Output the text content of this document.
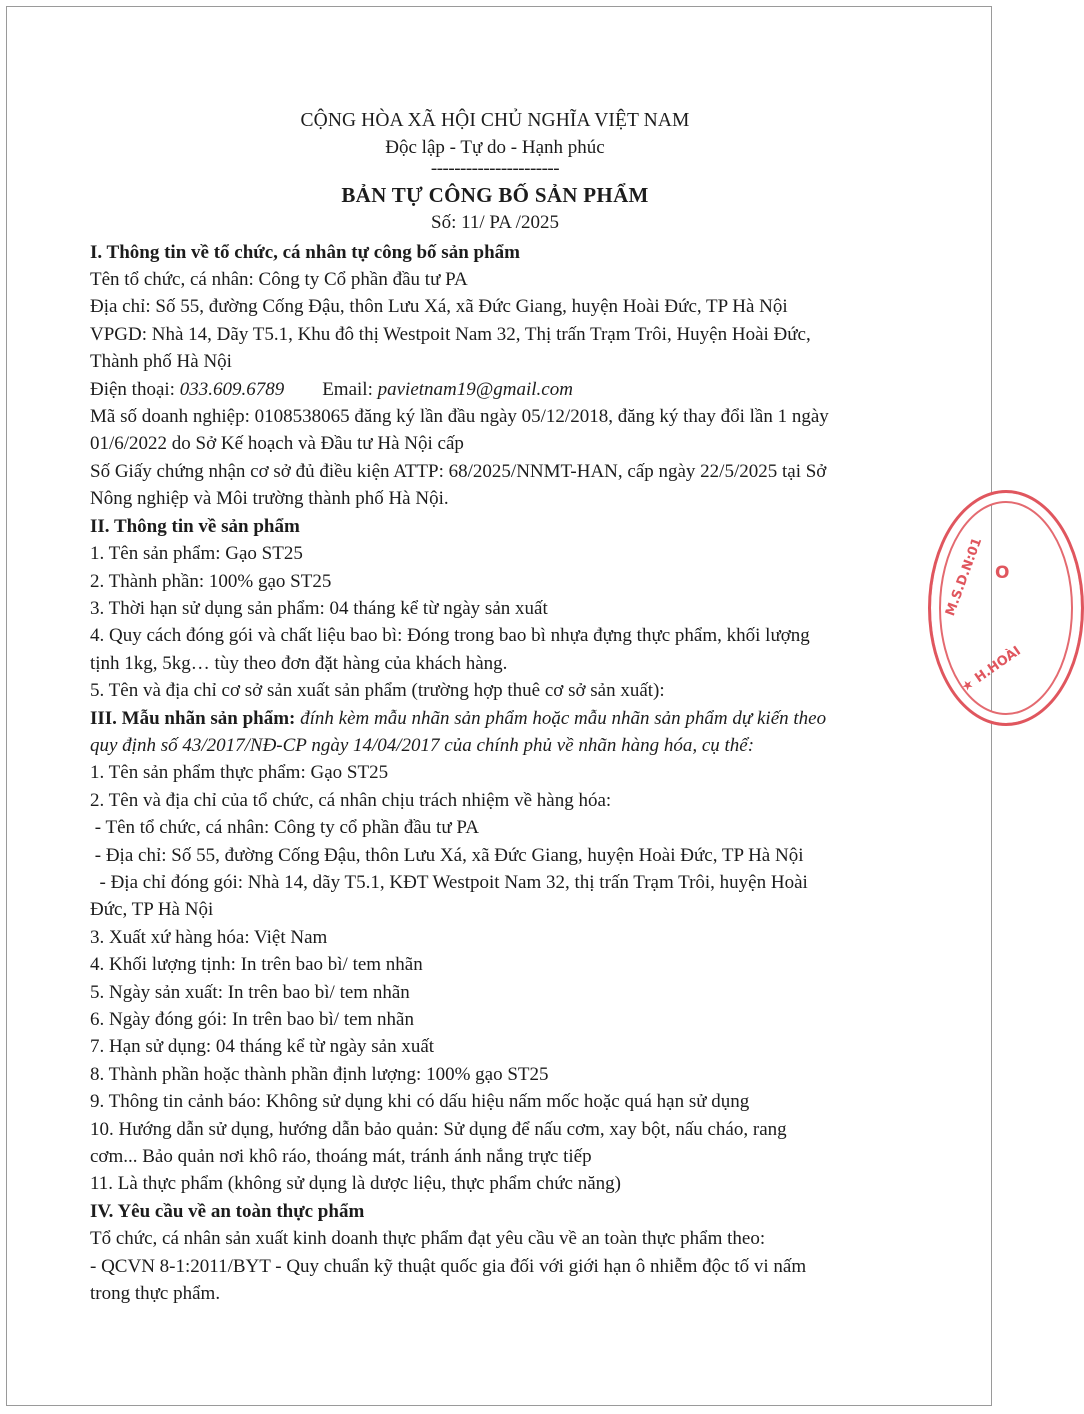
CỘNG HÒA XÃ HỘI CHỦ NGHĨA VIỆT NAM
Độc lập - Tự do - Hạnh phúc
----------------------
BẢN TỰ CÔNG BỐ SẢN PHẨM
Số: 11/ PA /2025
I. Thông tin về tổ chức, cá nhân tự công bố sản phẩm
Tên tổ chức, cá nhân: Công ty Cổ phần đầu tư PA
Địa chỉ: Số 55, đường Cống Đậu, thôn Lưu Xá, xã Đức Giang, huyện Hoài Đức, TP Hà Nội
VPGD: Nhà 14, Dãy T5.1, Khu đô thị Westpoit Nam 32, Thị trấn Trạm Trôi, Huyện Hoài Đức,
Thành phố Hà Nội
Điện thoại: 033.609.6789 Email: pavietnam19@gmail.com
Mã số doanh nghiệp: 0108538065 đăng ký lần đầu ngày 05/12/2018, đăng ký thay đổi lần 1 ngày
01/6/2022 do Sở Kế hoạch và Đầu tư Hà Nội cấp
Số Giấy chứng nhận cơ sở đủ điều kiện ATTP: 68/2025/NNMT-HAN, cấp ngày 22/5/2025 tại Sở
Nông nghiệp và Môi trường thành phố Hà Nội.
II. Thông tin về sản phẩm
1. Tên sản phẩm: Gạo ST25
2. Thành phần: 100% gạo ST25
3. Thời hạn sử dụng sản phẩm: 04 tháng kể từ ngày sản xuất
4. Quy cách đóng gói và chất liệu bao bì: Đóng trong bao bì nhựa đựng thực phẩm, khối lượng
tịnh 1kg, 5kg… tùy theo đơn đặt hàng của khách hàng.
5. Tên và địa chỉ cơ sở sản xuất sản phẩm (trường hợp thuê cơ sở sản xuất):
III. Mẫu nhãn sản phẩm: đính kèm mẫu nhãn sản phẩm hoặc mẫu nhãn sản phẩm dự kiến theo
quy định số 43/2017/NĐ-CP ngày 14/04/2017 của chính phủ về nhãn hàng hóa, cụ thể:
1. Tên sản phẩm thực phẩm: Gạo ST25
2. Tên và địa chỉ của tổ chức, cá nhân chịu trách nhiệm về hàng hóa:
- Tên tổ chức, cá nhân: Công ty cổ phần đầu tư PA
- Địa chỉ: Số 55, đường Cống Đậu, thôn Lưu Xá, xã Đức Giang, huyện Hoài Đức, TP Hà Nội
- Địa chỉ đóng gói: Nhà 14, dãy T5.1, KĐT Westpoit Nam 32, thị trấn Trạm Trôi, huyện Hoài
Đức, TP Hà Nội
3. Xuất xứ hàng hóa: Việt Nam
4. Khối lượng tịnh: In trên bao bì/ tem nhãn
5. Ngày sản xuất: In trên bao bì/ tem nhãn
6. Ngày đóng gói: In trên bao bì/ tem nhãn
7. Hạn sử dụng: 04 tháng kể từ ngày sản xuất
8. Thành phần hoặc thành phần định lượng: 100% gạo ST25
9. Thông tin cảnh báo: Không sử dụng khi có dấu hiệu nấm mốc hoặc quá hạn sử dụng
10. Hướng dẫn sử dụng, hướng dẫn bảo quản: Sử dụng để nấu cơm, xay bột, nấu cháo, rang
cơm... Bảo quản nơi khô ráo, thoáng mát, tránh ánh nắng trực tiếp
11. Là thực phẩm (không sử dụng là dược liệu, thực phẩm chức năng)
IV. Yêu cầu về an toàn thực phẩm
Tổ chức, cá nhân sản xuất kinh doanh thực phẩm đạt yêu cầu về an toàn thực phẩm theo:
- QCVN 8-1:2011/BYT - Quy chuẩn kỹ thuật quốc gia đối với giới hạn ô nhiễm độc tố vi nấm
trong thực phẩm.
M.S.D.N:01
★ H.HOÀI
O
